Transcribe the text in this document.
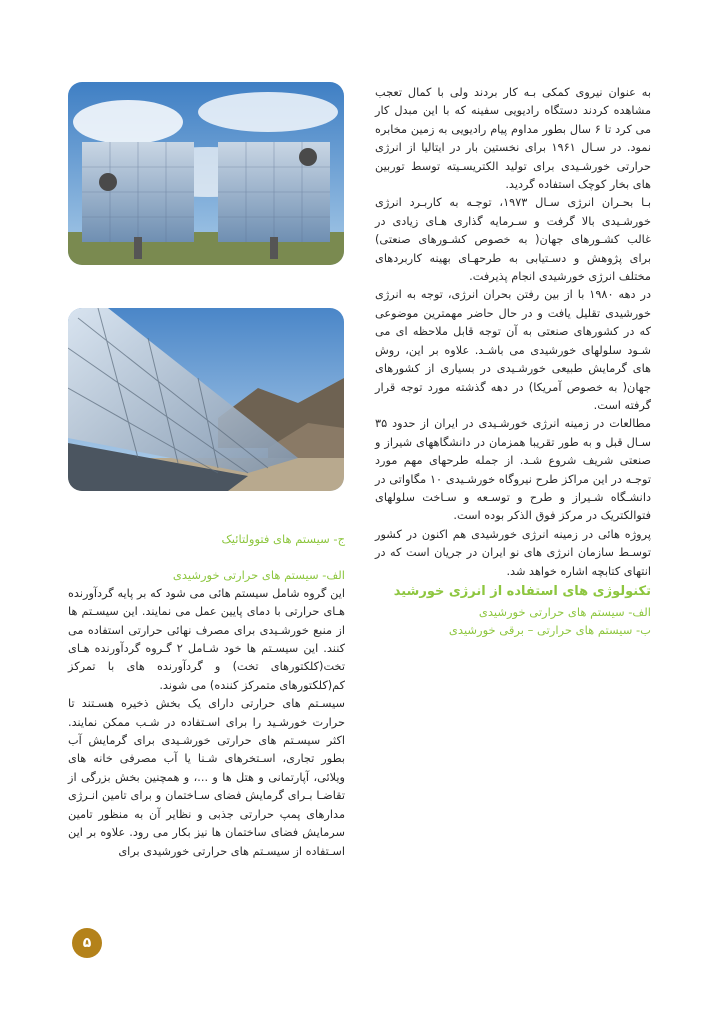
به عنوان نیروی کمکی بـه کار بردند ولی با کمال تعجب مشاهده کردند دستگاه رادیویی سفینه که با این مبدل کار می کرد تا ۶ سال بطور مداوم پیام رادیویی به زمین مخابره نمود. در سـال ۱۹۶۱ برای نخستین بار در ایتالیا از انرژی حرارتی خورشـیدی برای تولید الکتریسـیته توسط توربین های بخار کوچک استفاده گردید.

بـا بحـران انرژی سـال ۱۹۷۳، توجـه به کاربـرد انرژی خورشـیدی بالا گرفت و سـرمایه گذاری هـای زیادی در غالب کشـورهای جهان( به خصوص کشـورهای صنعتی) برای پژوهش و دسـتیابی به طرحهـای بهینه کاربردهای مختلف انرژی خورشیدی انجام پذیرفت.

در دهه ۱۹۸۰ با از بین رفتن بحران انرژی، توجه به انرژی خورشیدی تقلیل یافت و در حال حاضر مهمترین موضوعی که در کشورهای صنعتی به آن توجه قابل ملاحظه ای می شـود سلولهای خورشیدی می باشـد. علاوه بر این، روش های گرمایش طبیعی خورشـیدی در بسیاری از کشورهای جهان( به خصوص آمریکا) در دهه گذشته مورد توجه قرار گرفته است.

مطالعات در زمینه انرژی خورشـیدی در ایران از حدود ۳۵ سـال قبل و به طور تقریبا همزمان در دانشگاههای شیراز و صنعتی شریف شروع شـد. از جمله طرحهای مهم مورد توجـه در این مراکز طرح نیروگاه خورشـیدی ۱۰ مگاواتی در دانشـگاه شـیراز و طرح و توسـعه و سـاخت سلولهای فتوالکتریک در مرکز فوق الذکر بوده است.

پروژه هائی در زمینه انرژی خورشیدی هم اکنون در کشور توسـط سازمان انرژی های نو ایران در جریان است که در انتهای کتابچه اشاره خواهد شد.

تکنولوژی های استفاده از انرژی خورشید

الف- سیستم های حرارتی خورشیدی

ب- سیستم های حرارتی – برقی خورشیدی

ج- سیستم های فتوولتائیک

الف- سیستم های حرارتی خورشیدی

این گروه شامل سیستم هائی می شود که بر پایه گردآورنده هـای حرارتی با دمای پایین عمل می نمایند. این سیسـتم ها از منبع خورشـیدی برای مصرف نهائی حرارتی استفاده می کنند. این سیسـتم ها خود شـامل ۲ گـروه گردآورنده هـای تخت(کلکتورهای تخت) و گردآورنده های با تمرکز کم(کلکتورهای متمرکز کننده) می شوند.

سیسـتم های حرارتی دارای یک بخش ذخیره هسـتند تا حرارت خورشـید را برای اسـتفاده در شـب ممکن نمایند. اکثر سیسـتم های حرارتی خورشـیدی برای گرمایش آب بطور تجاری، اسـتخرهای شـنا یا آب مصرفی خانه های ویلائی، آپارتمانی و هتل ها و ...، و همچنین بخش بزرگی از تقاضـا بـرای گرمایش فضای سـاختمان و برای تامین انـرژی مدارهای پمپ حرارتی جذبی و نظایر آن به منظور تامین سرمایش فضای ساختمان ها نیز بکار می رود. علاوه بر این اسـتفاده از سیسـتم های حرارتی خورشیدی برای

۵
